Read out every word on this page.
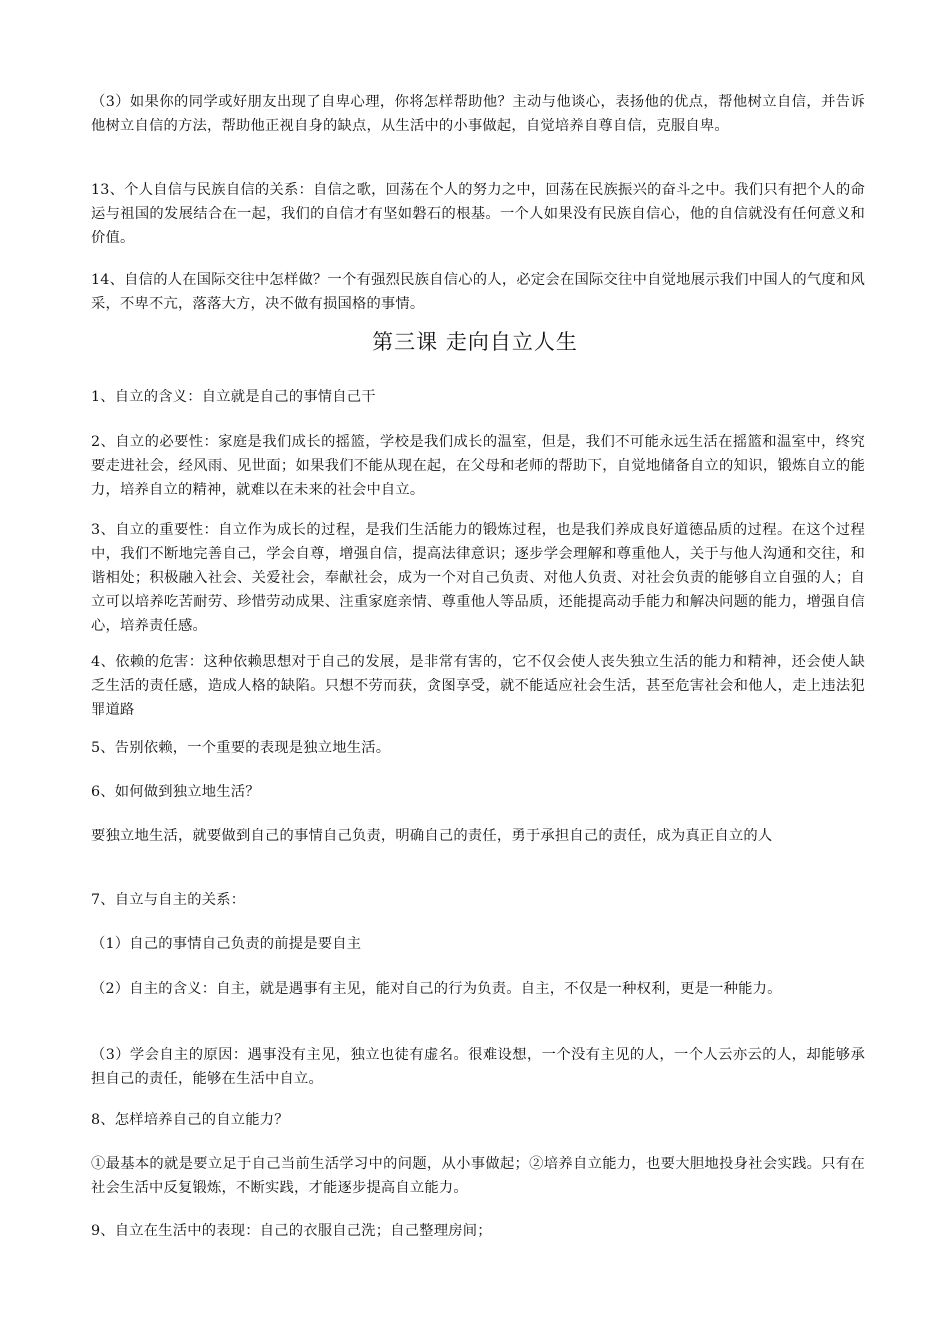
（3）如果你的同学或好朋友出现了自卑心理，你将怎样帮助他？主动与他谈心，表扬他的优点，帮他树立自信，并告诉他树立自信的方法，帮助他正视自身的缺点，从生活中的小事做起，自觉培养自尊自信，克服自卑。

13、个人自信与民族自信的关系：自信之歌，回荡在个人的努力之中，回荡在民族振兴的奋斗之中。我们只有把个人的命运与祖国的发展结合在一起，我们的自信才有坚如磐石的根基。一个人如果没有民族自信心，他的自信就没有任何意义和价值。

14、自信的人在国际交往中怎样做？一个有强烈民族自信心的人，必定会在国际交往中自觉地展示我们中国人的气度和风采，不卑不亢，落落大方，决不做有损国格的事情。

第三课 走向自立人生

1、自立的含义：自立就是自己的事情自己干

2、自立的必要性：家庭是我们成长的摇篮，学校是我们成长的温室，但是，我们不可能永远生活在摇篮和温室中，终究要走进社会，经风雨、见世面；如果我们不能从现在起，在父母和老师的帮助下，自觉地储备自立的知识，锻炼自立的能力，培养自立的精神，就难以在未来的社会中自立。

3、自立的重要性：自立作为成长的过程，是我们生活能力的锻炼过程，也是我们养成良好道德品质的过程。在这个过程中，我们不断地完善自己，学会自尊，增强自信，提高法律意识；逐步学会理解和尊重他人，关于与他人沟通和交往，和谐相处；积极融入社会、关爱社会，奉献社会，成为一个对自己负责、对他人负责、对社会负责的能够自立自强的人；自立可以培养吃苦耐劳、珍惜劳动成果、注重家庭亲情、尊重他人等品质，还能提高动手能力和解决问题的能力，增强自信心，培养责任感。

4、依赖的危害：这种依赖思想对于自己的发展，是非常有害的，它不仅会使人丧失独立生活的能力和精神，还会使人缺乏生活的责任感，造成人格的缺陷。只想不劳而获，贪图享受，就不能适应社会生活，甚至危害社会和他人，走上违法犯罪道路

5、告别依赖，一个重要的表现是独立地生活。

6、如何做到独立地生活？

要独立地生活，就要做到自己的事情自己负责，明确自己的责任，勇于承担自己的责任，成为真正自立的人

7、自立与自主的关系：

（1）自己的事情自己负责的前提是要自主

（2）自主的含义：自主，就是遇事有主见，能对自己的行为负责。自主，不仅是一种权利，更是一种能力。

（3）学会自主的原因：遇事没有主见，独立也徒有虚名。很难设想，一个没有主见的人，一个人云亦云的人，却能够承担自己的责任，能够在生活中自立。

8、怎样培养自己的自立能力？

①最基本的就是要立足于自己当前生活学习中的问题，从小事做起；②培养自立能力，也要大胆地投身社会实践。只有在社会生活中反复锻炼，不断实践，才能逐步提高自立能力。

9、自立在生活中的表现：自己的衣服自己洗；自己整理房间；
